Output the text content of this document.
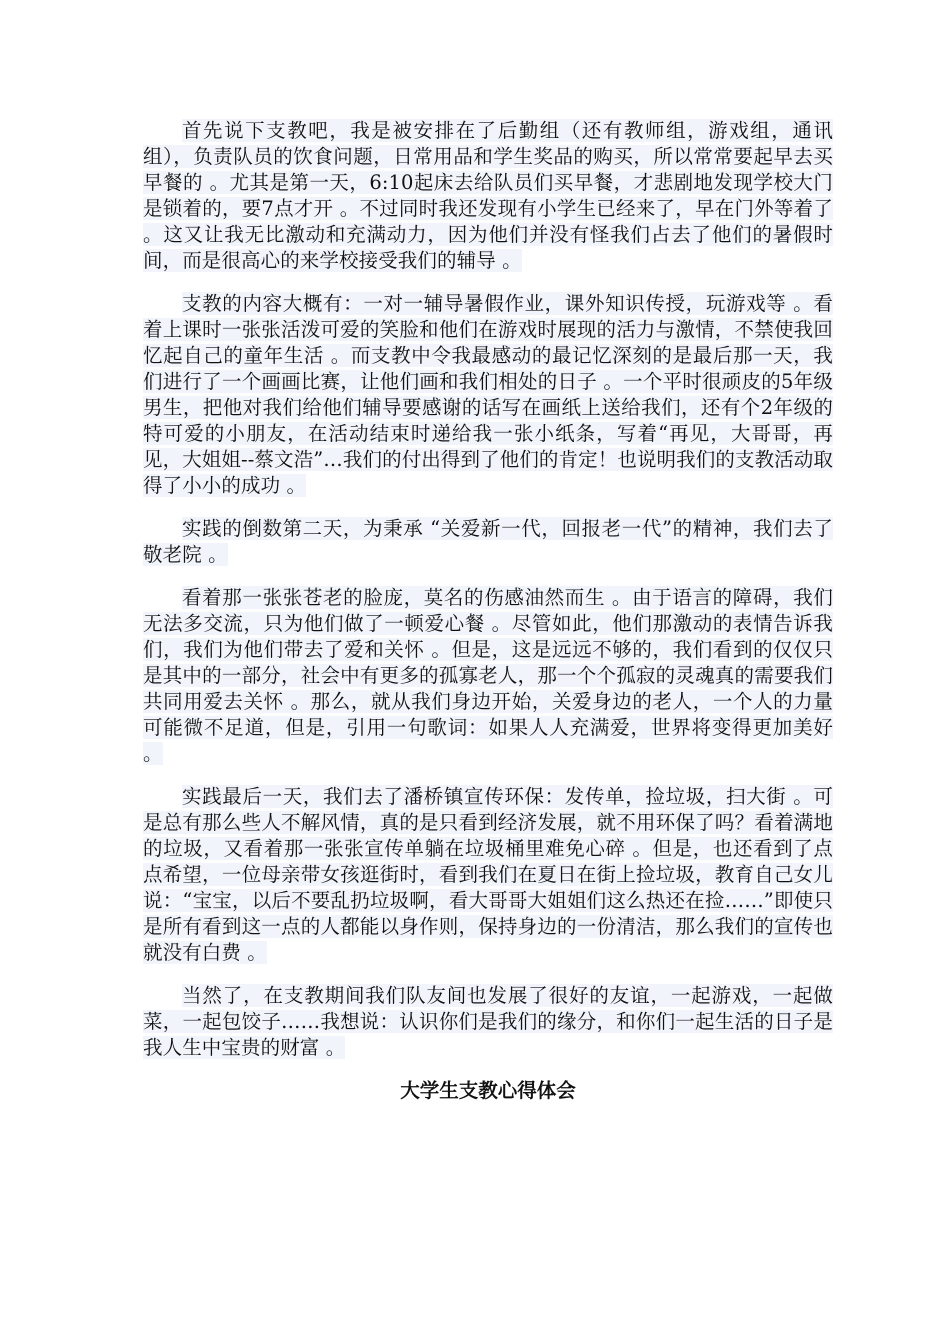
首先说下支教吧，我是被安排在了后勤组（还有教师组，游戏组，通讯组），负责队员的饮食问题，日常用品和学生奖品的购买，所以常常要起早去买早餐的 。尤其是第一天，6:10起床去给队员们买早餐，才悲剧地发现学校大门是锁着的，要7点才开 。不过同时我还发现有小学生已经来了，早在门外等着了 。这又让我无比激动和充满动力，因为他们并没有怪我们占去了他们的暑假时间，而是很高心的来学校接受我们的辅导 。

支教的内容大概有：一对一辅导暑假作业，课外知识传授，玩游戏等 。看着上课时一张张活泼可爱的笑脸和他们在游戏时展现的活力与激情，不禁使我回忆起自己的童年生活 。而支教中令我最感动的最记忆深刻的是最后那一天，我们进行了一个画画比赛，让他们画和我们相处的日子 。一个平时很顽皮的5年级男生，把他对我们给他们辅导要感谢的话写在画纸上送给我们，还有个2年级的特可爱的小朋友，在活动结束时递给我一张小纸条，写着“再见，大哥哥，再见，大姐姐--蔡文浩”…我们的付出得到了他们的肯定！也说明我们的支教活动取得了小小的成功 。

实践的倒数第二天，为秉承 “关爱新一代，回报老一代”的精神，我们去了敬老院 。

看着那一张张苍老的脸庞，莫名的伤感油然而生 。由于语言的障碍，我们无法多交流，只为他们做了一顿爱心餐 。尽管如此，他们那激动的表情告诉我们，我们为他们带去了爱和关怀 。但是，这是远远不够的，我们看到的仅仅只是其中的一部分，社会中有更多的孤寡老人，那一个个孤寂的灵魂真的需要我们共同用爱去关怀 。那么，就从我们身边开始，关爱身边的老人，一个人的力量可能微不足道，但是，引用一句歌词：如果人人充满爱，世界将变得更加美好 。

实践最后一天，我们去了潘桥镇宣传环保：发传单，捡垃圾，扫大街 。可是总有那么些人不解风情，真的是只看到经济发展，就不用环保了吗？看着满地的垃圾，又看着那一张张宣传单躺在垃圾桶里难免心碎 。但是，也还看到了点点希望，一位母亲带女孩逛街时，看到我们在夏日在街上捡垃圾，教育自己女儿说：“宝宝，以后不要乱扔垃圾啊，看大哥哥大姐姐们这么热还在捡……”即使只是所有看到这一点的人都能以身作则，保持身边的一份清洁，那么我们的宣传也就没有白费 。

当然了，在支教期间我们队友间也发展了很好的友谊，一起游戏，一起做菜，一起包饺子……我想说：认识你们是我们的缘分，和你们一起生活的日子是我人生中宝贵的财富 。

大学生支教心得体会
